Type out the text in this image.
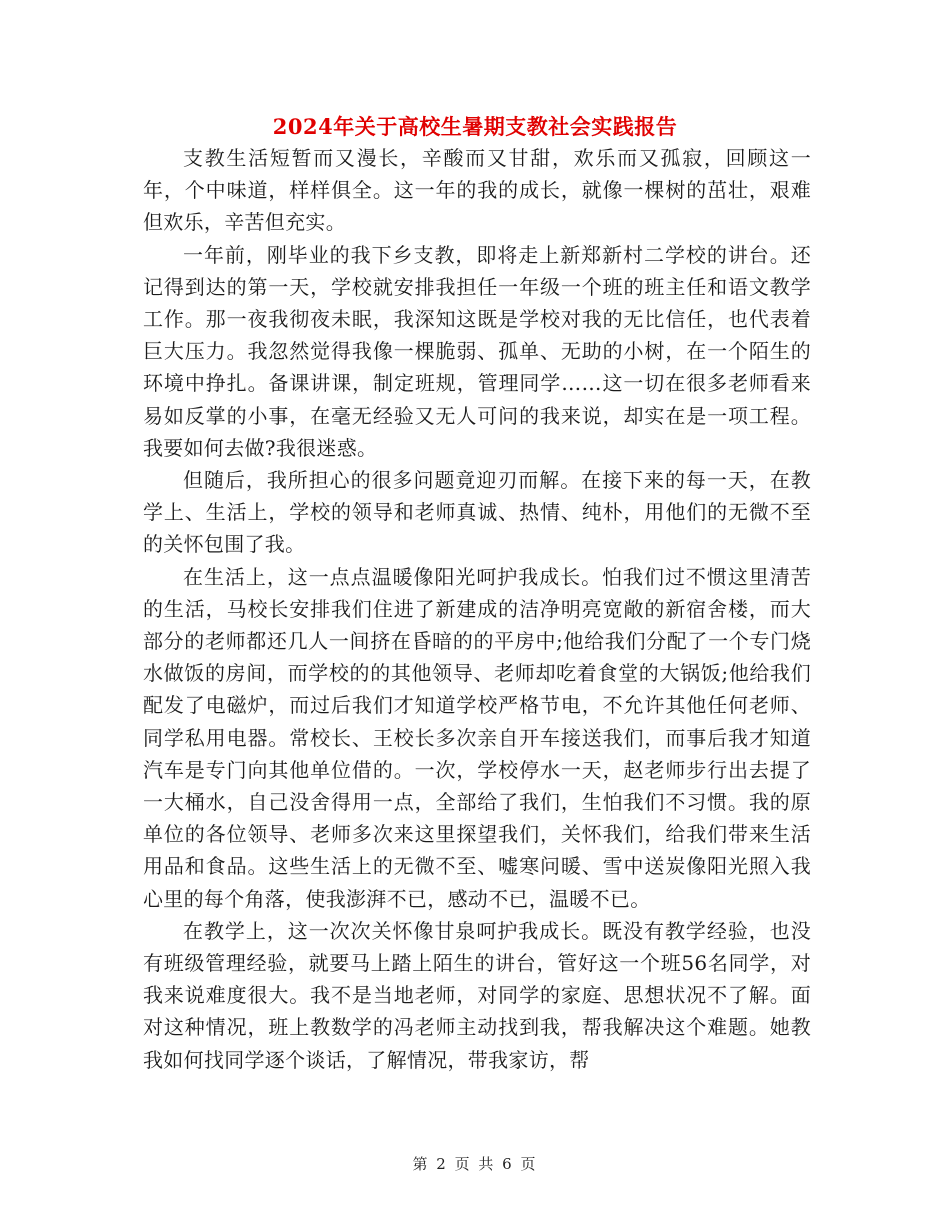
2024年关于高校生暑期支教社会实践报告

支教生活短暂而又漫长，辛酸而又甘甜，欢乐而又孤寂，回顾这一年，个中味道，样样俱全。这一年的我的成长，就像一棵树的茁壮，艰难但欢乐，辛苦但充实。

一年前，刚毕业的我下乡支教，即将走上新郑新村二学校的讲台。还记得到达的第一天，学校就安排我担任一年级一个班的班主任和语文教学工作。那一夜我彻夜未眠，我深知这既是学校对我的无比信任，也代表着巨大压力。我忽然觉得我像一棵脆弱、孤单、无助的小树，在一个陌生的环境中挣扎。备课讲课，制定班规，管理同学……这一切在很多老师看来易如反掌的小事，在毫无经验又无人可问的我来说，却实在是一项工程。我要如何去做?我很迷惑。

但随后，我所担心的很多问题竟迎刃而解。在接下来的每一天，在教学上、生活上，学校的领导和老师真诚、热情、纯朴，用他们的无微不至的关怀包围了我。

在生活上，这一点点温暖像阳光呵护我成长。怕我们过不惯这里清苦的生活，马校长安排我们住进了新建成的洁净明亮宽敞的新宿舍楼，而大部分的老师都还几人一间挤在昏暗的的平房中;他给我们分配了一个专门烧水做饭的房间，而学校的的其他领导、老师却吃着食堂的大锅饭;他给我们配发了电磁炉，而过后我们才知道学校严格节电，不允许其他任何老师、同学私用电器。常校长、王校长多次亲自开车接送我们，而事后我才知道汽车是专门向其他单位借的。一次，学校停水一天，赵老师步行出去提了一大桶水，自己没舍得用一点，全部给了我们，生怕我们不习惯。我的原单位的各位领导、老师多次来这里探望我们，关怀我们，给我们带来生活用品和食品。这些生活上的无微不至、嘘寒问暖、雪中送炭像阳光照入我心里的每个角落，使我澎湃不已，感动不已，温暖不已。

在教学上，这一次次关怀像甘泉呵护我成长。既没有教学经验，也没有班级管理经验，就要马上踏上陌生的讲台，管好这一个班56名同学，对我来说难度很大。我不是当地老师，对同学的家庭、思想状况不了解。面对这种情况，班上教数学的冯老师主动找到我，帮我解决这个难题。她教我如何找同学逐个谈话，了解情况，带我家访，帮

第 2 页 共 6 页
